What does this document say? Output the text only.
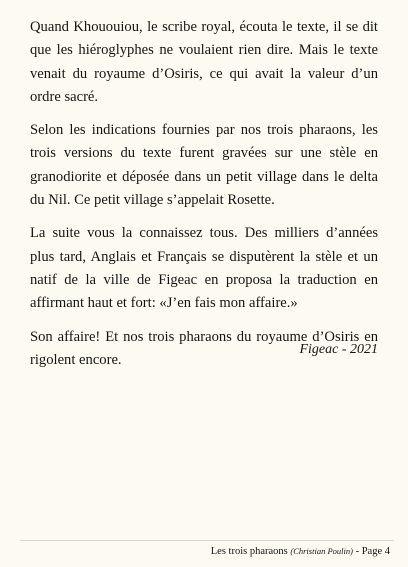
Quand Khououiou, le scribe royal, écouta le texte, il se dit que les hiéroglyphes ne voulaient rien dire. Mais le texte venait du royaume d’Osiris, ce qui avait la valeur d’un ordre sacré.

Selon les indications fournies par nos trois pharaons, les trois versions du texte furent gravées sur une stèle en granodiorite et déposée dans un petit village dans le delta du Nil. Ce petit village s’appelait Rosette.

La suite vous la connaissez tous. Des milliers d’années plus tard, Anglais et Français se disputèrent la stèle et un natif de la ville de Figeac en proposa la traduction en affirmant haut et fort: «J’en fais mon affaire.»

Son affaire! Et nos trois pharaons du royaume d’Osiris en rigolent encore.

Figeac - 2021
Les trois pharaons (Christian Poulin) - Page 4
